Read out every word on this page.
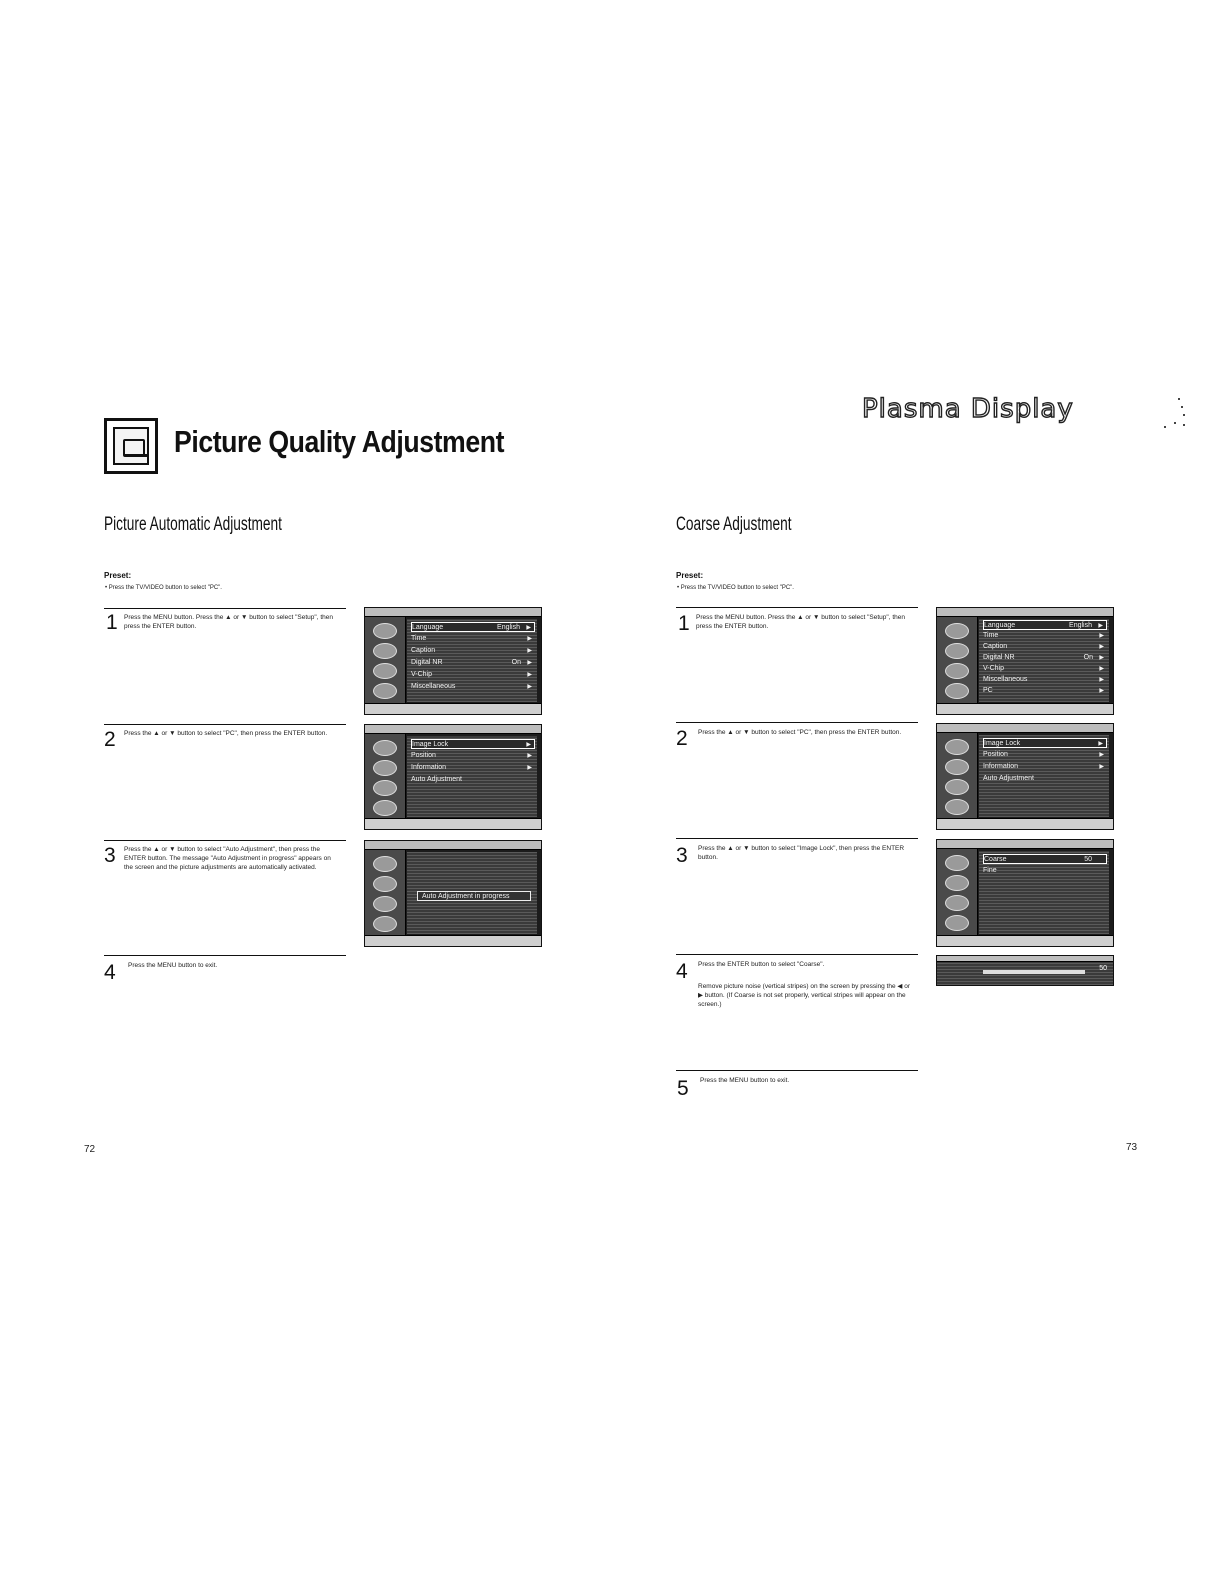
Picture Quality Adjustment
Plasma Display
Picture Automatic Adjustment
Preset:
• Press the TV/VIDEO button to select "PC".
1 Press the MENU button. Press the ▲ or ▼ button to select "Setup", then press the ENTER button.
2 Press the ▲ or ▼ button to select "PC", then press the ENTER button.
3 Press the ▲ or ▼ button to select "Auto Adjustment", then press the ENTER button. The message "Auto Adjustment in progress" appears on the screen and the picture adjustments are automatically activated.
4 Press the MENU button to exit.
Language	English ▶
Time	▶
Caption	▶
Digital NR	On ▶
V-Chip	▶
Miscellaneous	▶
Image Lock	▶
Position	▶
Information	▶
Auto Adjustment
Auto Adjustment in progress
72
Coarse Adjustment
Preset:
• Press the TV/VIDEO button to select "PC".
1 Press the MENU button. Press the ▲ or ▼ button to select "Setup", then press the ENTER button.
2 Press the ▲ or ▼ button to select "PC", then press the ENTER button.
3 Press the ▲ or ▼ button to select "Image Lock", then press the ENTER button.
4 Press the ENTER button to select "Coarse".
Remove picture noise (vertical stripes) on the screen by pressing the ◀ or ▶ button. (If Coarse is not set properly, vertical stripes will appear on the screen.)
5 Press the MENU button to exit.
Language	English ▶
Time	▶
Caption	▶
Digital NR	On ▶
V-Chip	▶
Miscellaneous	▶
PC	▶
Image Lock	▶
Position	▶
Information	▶
Auto Adjustment
Coarse	50
Fine
50
73
